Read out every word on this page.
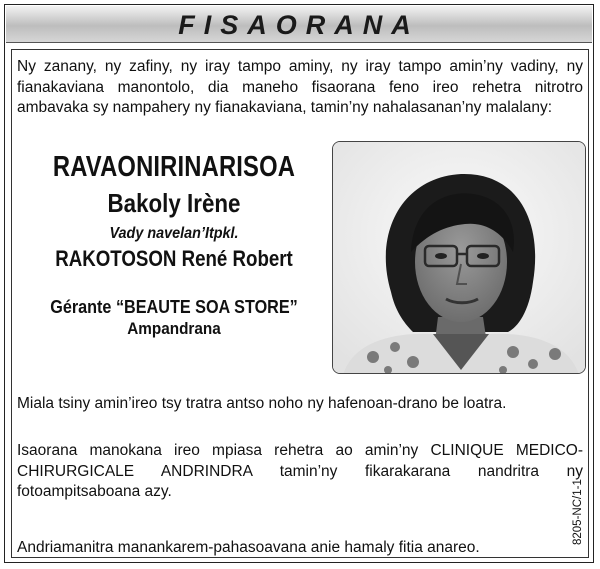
FISAORANA
Ny zanany, ny zafiny, ny iray tampo aminy, ny iray tampo amin’ny vadiny, ny fianakaviana manontolo, dia maneho fisaorana feno ireo rehetra nitrotro ambavaka sy nampahery ny fianakaviana, tamin’ny nahalasanan’ny malalany:
RAVAONIRINARISOA
Bakoly Irène
Vady navelan’Itpkl.
RAKOTOSON René Robert
Gérante “BEAUTE SOA STORE”
Ampandrana
Miala tsiny amin’ireo tsy tratra antso noho ny hafenoan-drano be loatra.
Isaorana manokana ireo mpiasa rehetra ao amin’ny CLINIQUE MEDICO-CHIRURGICALE ANDRINDRA tamin’ny fikarakarana nandritra ny fotoampitsaboana azy.
Andriamanitra manankarem-pahasoavana anie hamaly fitia anareo.
8205-NC/1-1
